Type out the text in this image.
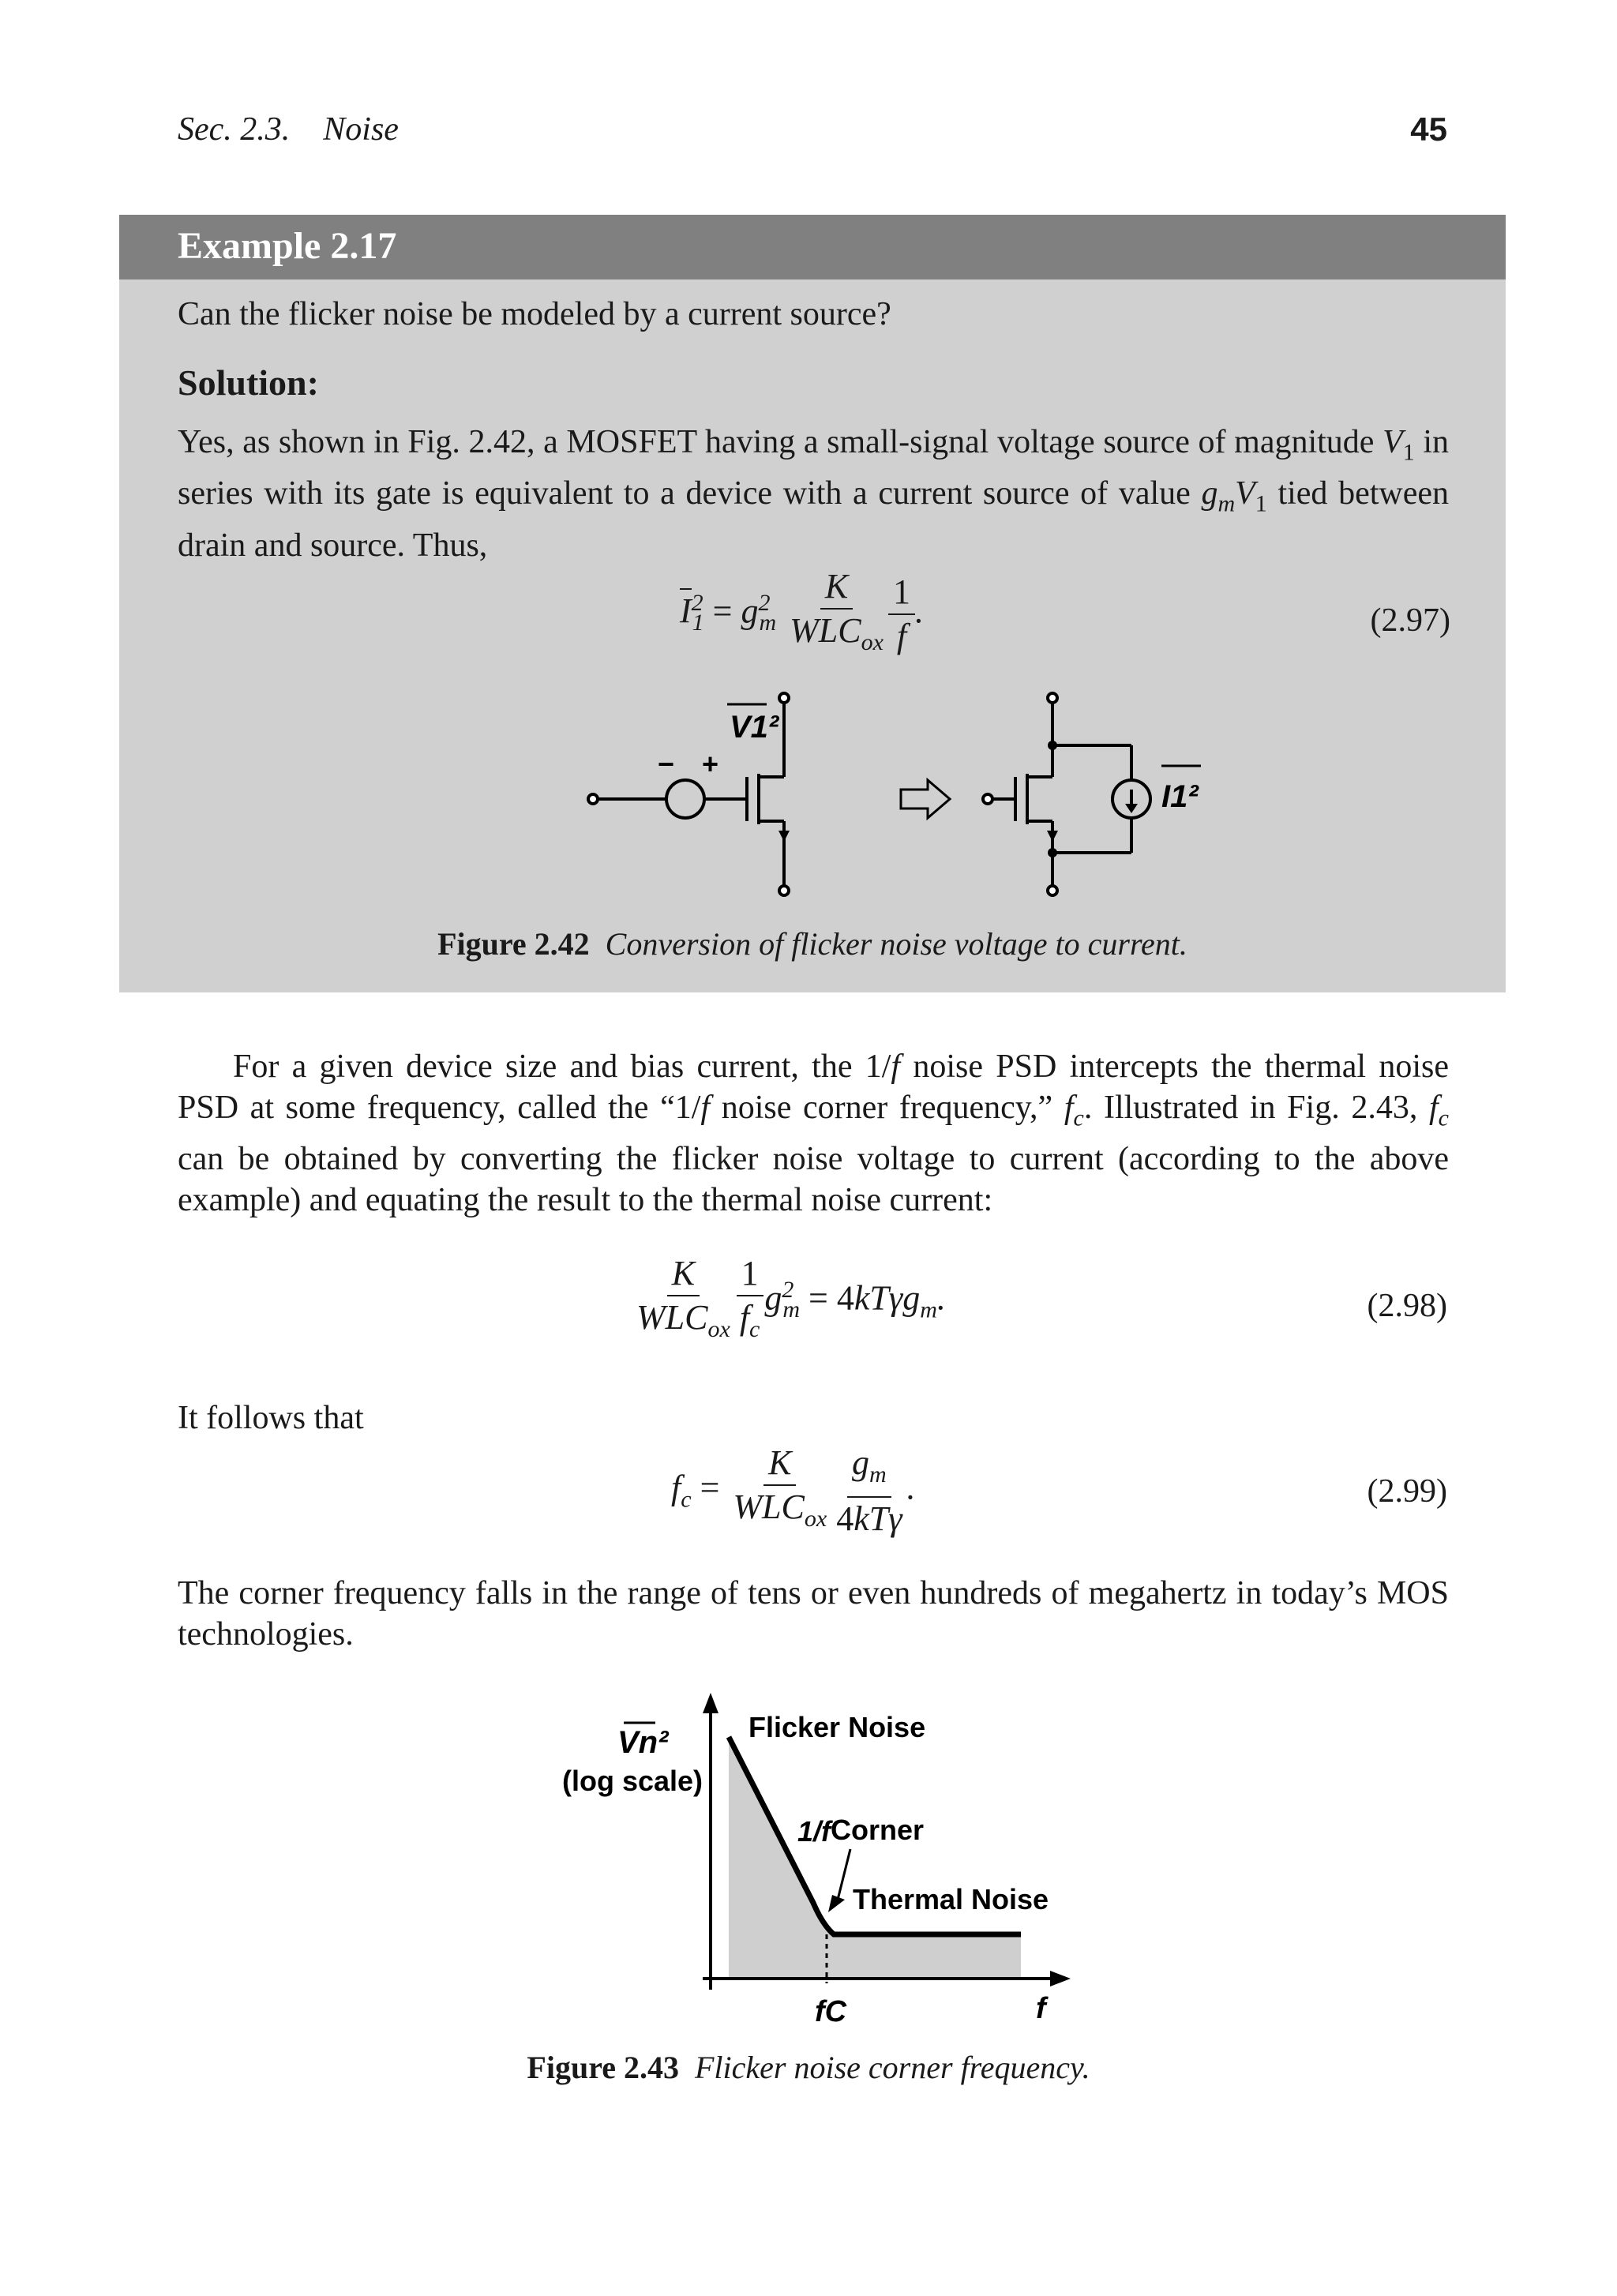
Sec. 2.3.    Noise	45
Example 2.17
Can the flicker noise be modeled by a current source?
Solution:
Yes, as shown in Fig. 2.42, a MOSFET having a small-signal voltage source of magnitude $V_1$ in series with its gate is equivalent to a device with a current source of value $g_mV_1$ tied between drain and source. Thus,
$I^2_1 = g^2_m \frac{K}{WLC_{ox}} \frac{1}{f}$ .	(2.97)
V1²
− +
I1²
Figure 2.42 Conversion of flicker noise voltage to current.
For a given device size and bias current, the 1/f noise PSD intercepts the thermal noise PSD at some frequency, called the “1/f noise corner frequency,” $f_c$. Illustrated in Fig. 2.43, $f_c$ can be obtained by converting the flicker noise voltage to current (according to the above example) and equating the result to the thermal noise current:
$\frac{K}{WLC_{ox}} \frac{1}{f_c} g^2_m = 4kT\gamma g_m$.	(2.98)
It follows that
$f_c = \frac{K}{WLC_{ox}} \frac{g_m}{\text{4kTγ}}$ .	(2.99)
The corner frequency falls in the range of tens or even hundreds of megahertz in today’s MOS technologies.
Vn²
(log scale)
Flicker Noise
1/f Corner
Thermal Noise
fC	f
Figure 2.43 Flicker noise corner frequency.
